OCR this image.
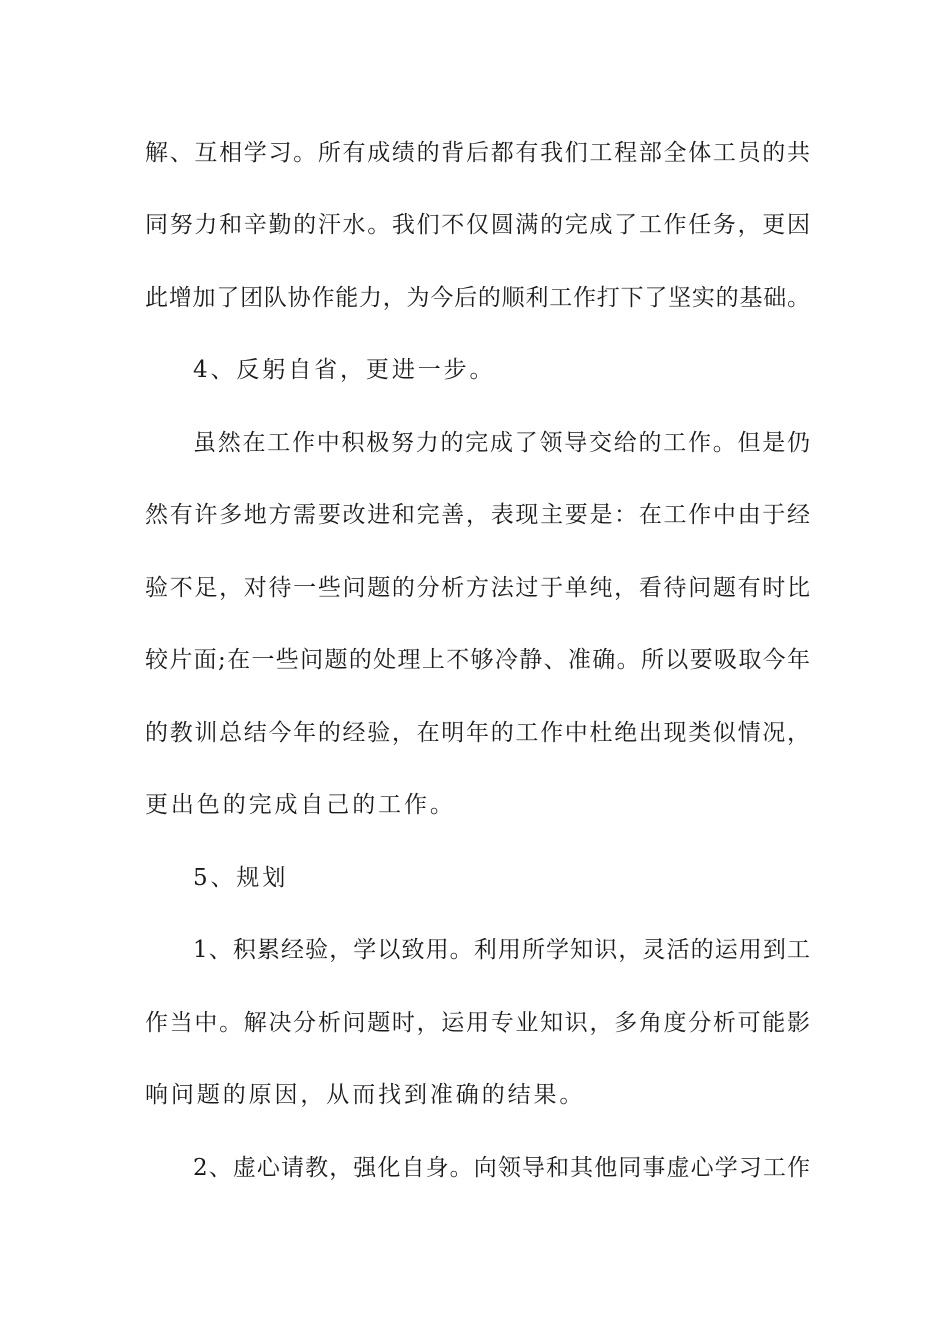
解、互相学习。所有成绩的背后都有我们工程部全体工员的共
同努力和辛勤的汗水。我们不仅圆满的完成了工作任务，更因
此增加了团队协作能力，为今后的顺利工作打下了坚实的基础。
4、反躬自省，更进一步。
虽然在工作中积极努力的完成了领导交给的工作。但是仍
然有许多地方需要改进和完善，表现主要是：在工作中由于经
验不足，对待一些问题的分析方法过于单纯，看待问题有时比
较片面;在一些问题的处理上不够冷静、准确。所以要吸取今年
的教训总结今年的经验，在明年的工作中杜绝出现类似情况，
更出色的完成自己的工作。
5、规划
1、积累经验，学以致用。利用所学知识，灵活的运用到工
作当中。解决分析问题时，运用专业知识，多角度分析可能影
响问题的原因，从而找到准确的结果。
2、虚心请教，强化自身。向领导和其他同事虚心学习工作
